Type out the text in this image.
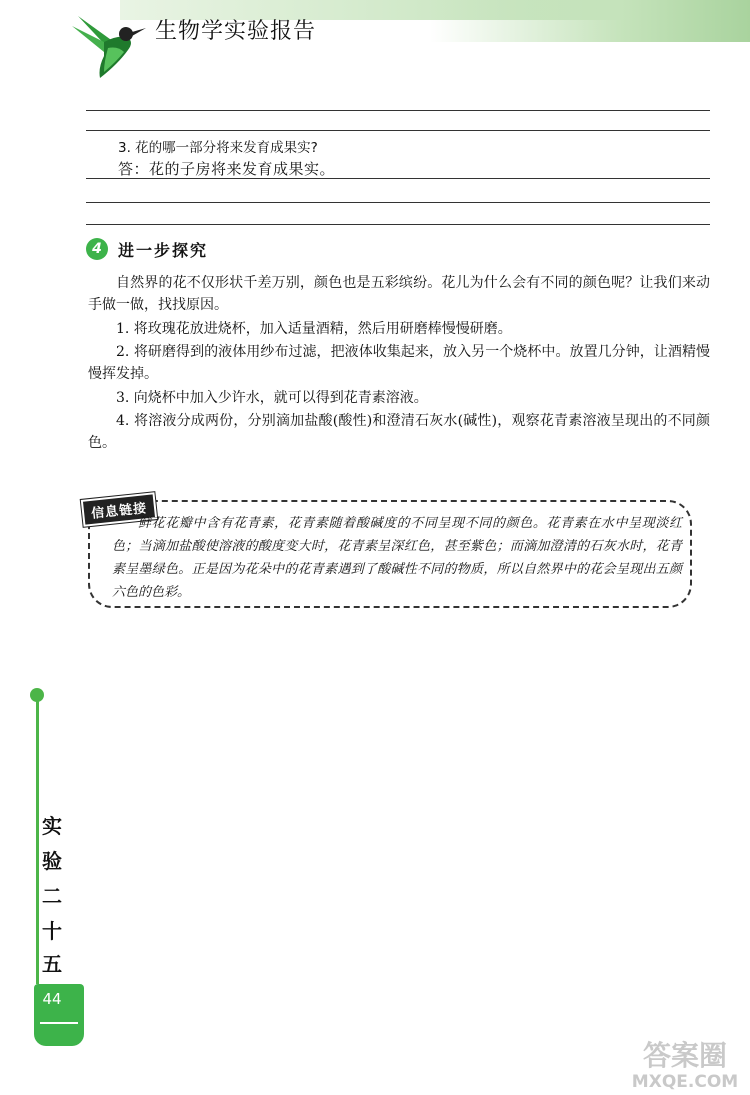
生物学实验报告
3. 花的哪一部分将来发育成果实?
答：花的子房将来发育成果实。
4	进一步探究
自然界的花不仅形状千差万别，颜色也是五彩缤纷。花儿为什么会有不同的颜色呢？让我们来动手做一做，找找原因。
1. 将玫瑰花放进烧杯，加入适量酒精，然后用研磨棒慢慢研磨。
2. 将研磨得到的液体用纱布过滤，把液体收集起来，放入另一个烧杯中。放置几分钟，让酒精慢慢挥发掉。
3. 向烧杯中加入少许水，就可以得到花青素溶液。
4. 将溶液分成两份，分别滴加盐酸(酸性)和澄清石灰水(碱性)，观察花青素溶液呈现出的不同颜色。
信息链接
鲜花花瓣中含有花青素，花青素随着酸碱度的不同呈现不同的颜色。花青素在水中呈现淡红色；当滴加盐酸使溶液的酸度变大时，花青素呈深红色，甚至紫色；而滴加澄清的石灰水时，花青素呈墨绿色。正是因为花朵中的花青素遇到了酸碱性不同的物质，所以自然界中的花会呈现出五颜六色的色彩。
实
验
二
十
五
44
答案圈
MXQE.COM
